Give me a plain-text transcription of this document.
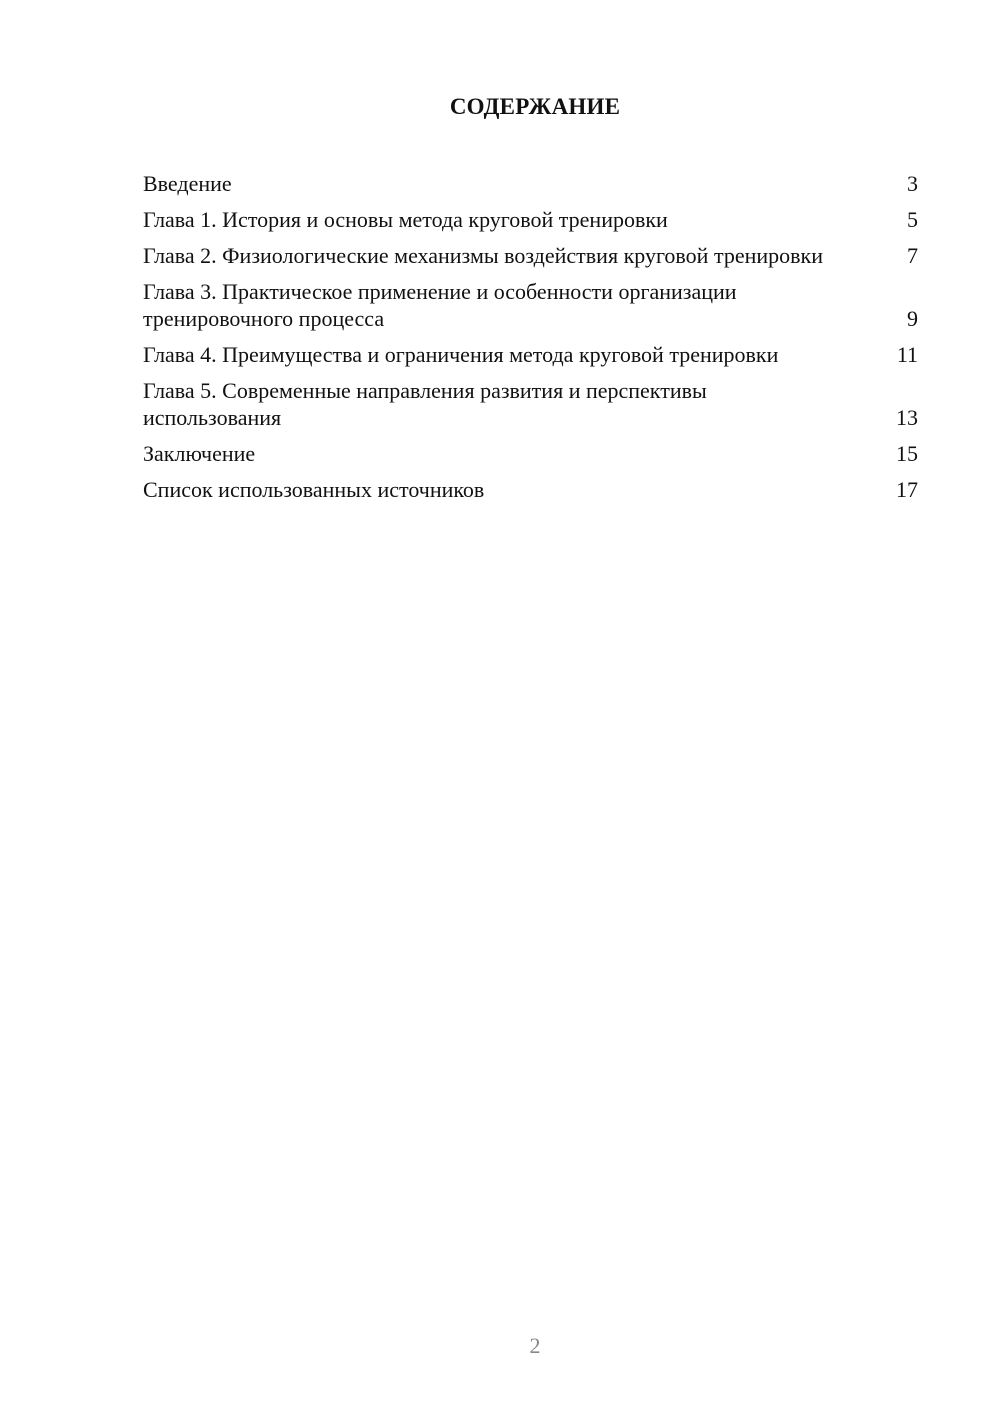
СОДЕРЖАНИЕ
Введение	3
Глава 1. История и основы метода круговой тренировки	5
Глава 2. Физиологические механизмы воздействия круговой тренировки	7
Глава 3. Практическое применение и особенности организации тренировочного процесса	9
Глава 4. Преимущества и ограничения метода круговой тренировки	11
Глава 5. Современные направления развития и перспективы использования	13
Заключение	15
Список использованных источников	17
2
